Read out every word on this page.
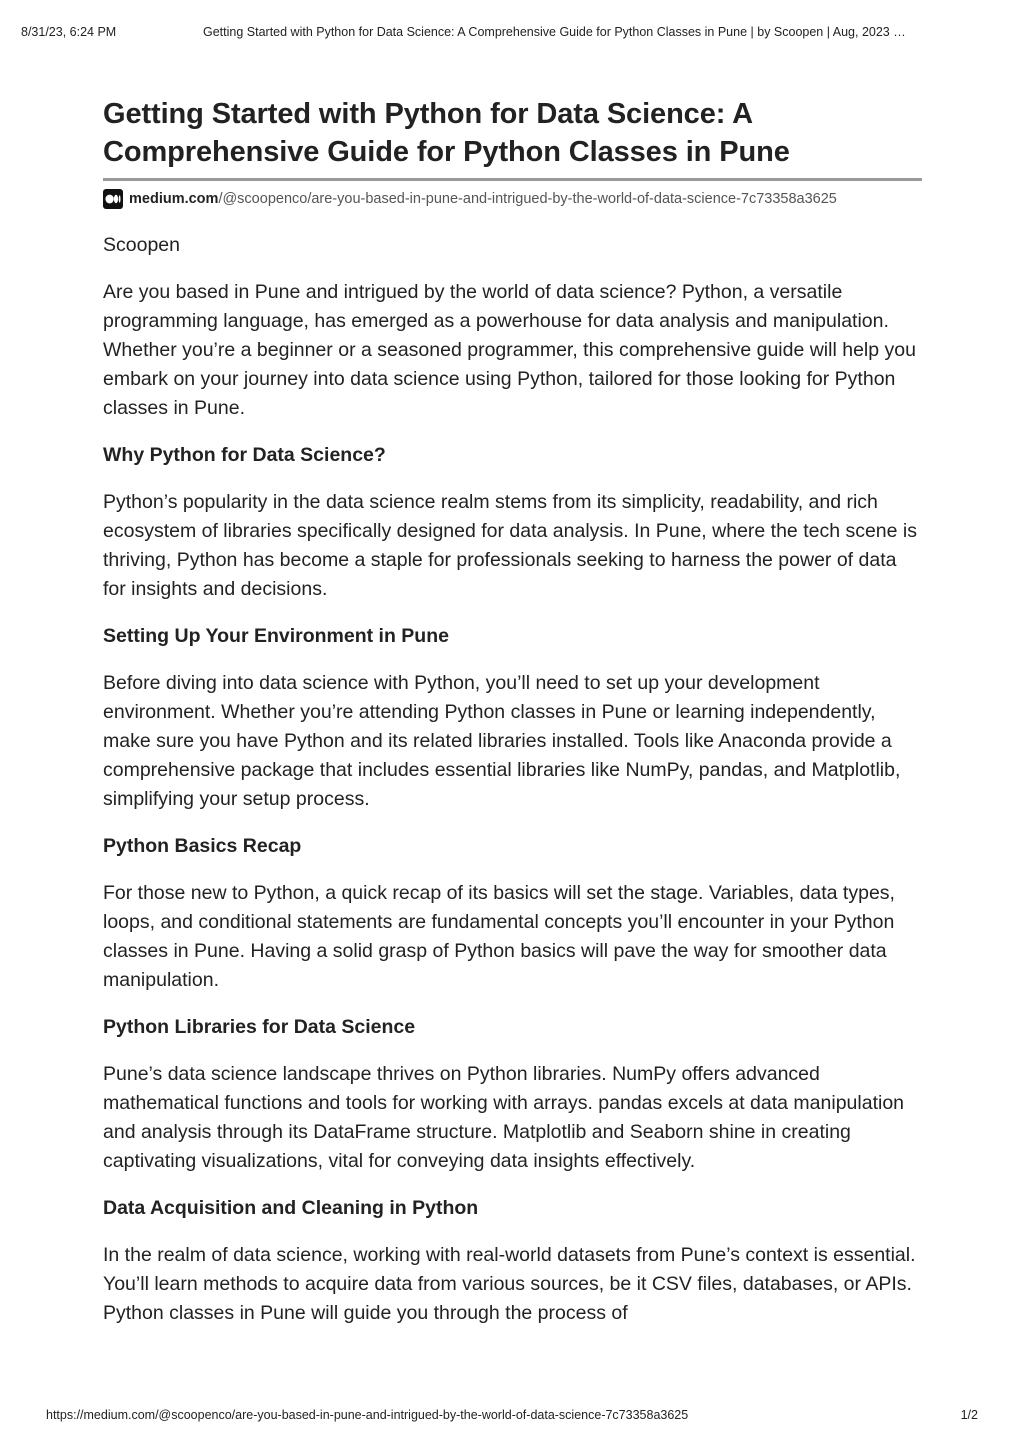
8/31/23, 6:24 PM	Getting Started with Python for Data Science: A Comprehensive Guide for Python Classes in Pune | by Scoopen | Aug, 2023 …
Getting Started with Python for Data Science: A Comprehensive Guide for Python Classes in Pune
medium.com /@scoopenco/are-you-based-in-pune-and-intrigued-by-the-world-of-data-science-7c73358a3625
Scoopen

Are you based in Pune and intrigued by the world of data science? Python, a versatile programming language, has emerged as a powerhouse for data analysis and manipulation. Whether you’re a beginner or a seasoned programmer, this comprehensive guide will help you embark on your journey into data science using Python, tailored for those looking for Python classes in Pune.

Why Python for Data Science?

Python’s popularity in the data science realm stems from its simplicity, readability, and rich ecosystem of libraries specifically designed for data analysis. In Pune, where the tech scene is thriving, Python has become a staple for professionals seeking to harness the power of data for insights and decisions.

Setting Up Your Environment in Pune

Before diving into data science with Python, you’ll need to set up your development environment. Whether you’re attending Python classes in Pune or learning independently, make sure you have Python and its related libraries installed. Tools like Anaconda provide a comprehensive package that includes essential libraries like NumPy, pandas, and Matplotlib, simplifying your setup process.

Python Basics Recap

For those new to Python, a quick recap of its basics will set the stage. Variables, data types, loops, and conditional statements are fundamental concepts you’ll encounter in your Python classes in Pune. Having a solid grasp of Python basics will pave the way for smoother data manipulation.

Python Libraries for Data Science

Pune’s data science landscape thrives on Python libraries. NumPy offers advanced mathematical functions and tools for working with arrays. pandas excels at data manipulation and analysis through its DataFrame structure. Matplotlib and Seaborn shine in creating captivating visualizations, vital for conveying data insights effectively.

Data Acquisition and Cleaning in Python

In the realm of data science, working with real-world datasets from Pune’s context is essential. You’ll learn methods to acquire data from various sources, be it CSV files, databases, or APIs. Python classes in Pune will guide you through the process of

https://medium.com/@scoopenco/are-you-based-in-pune-and-intrigued-by-the-world-of-data-science-7c73358a3625	1/2
